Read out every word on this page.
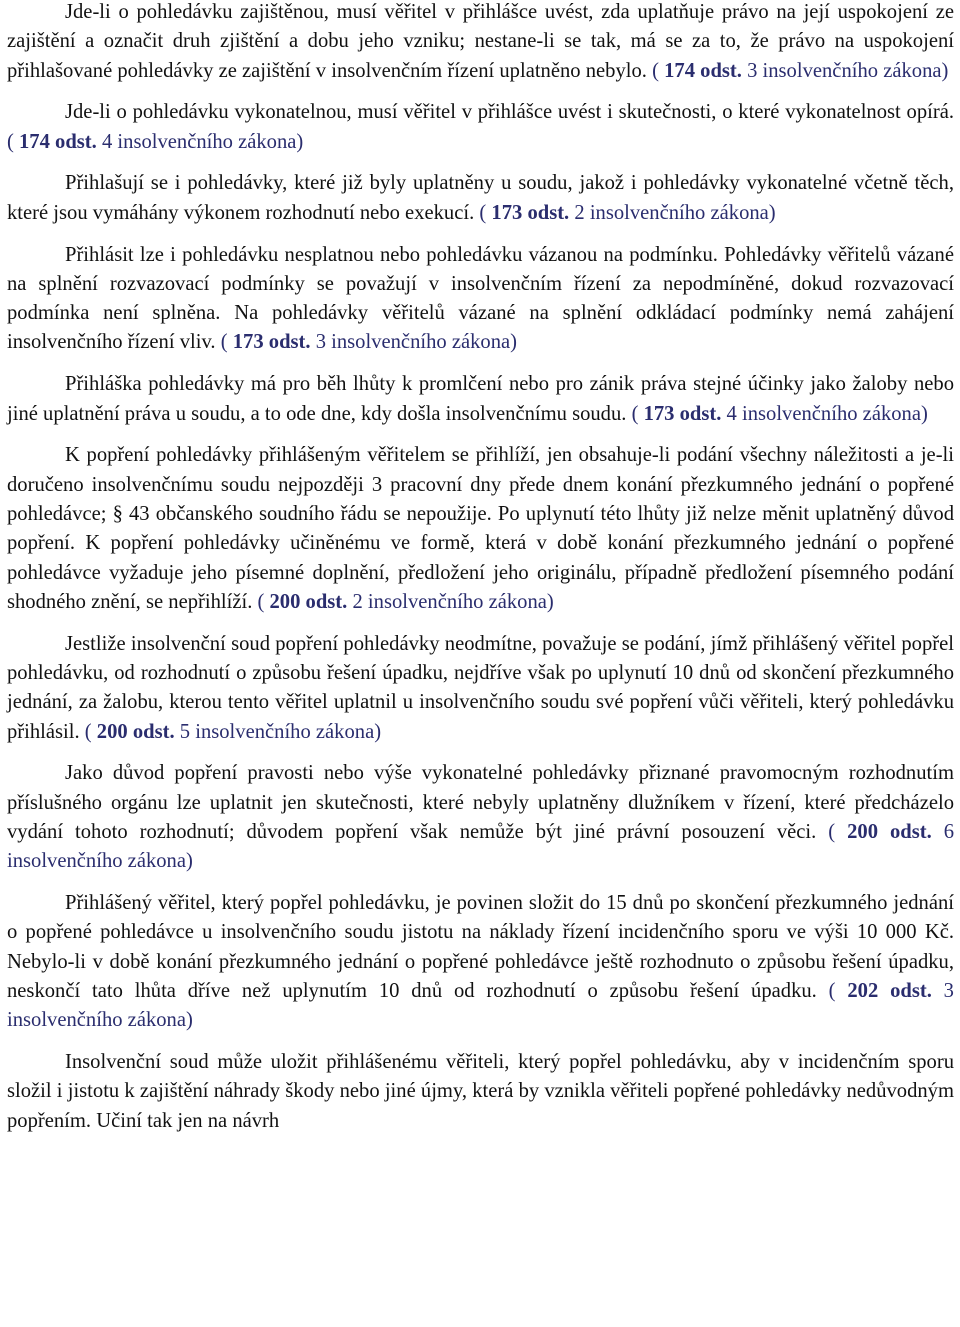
Jde-li o pohledávku zajištěnou, musí věřitel v přihlášce uvést, zda uplatňuje právo na její uspokojení ze zajištění a označit druh zjištění a dobu jeho vzniku; nestane-li se tak, má se za to, že právo na uspokojení přihlašované pohledávky ze zajištění v insolvenčním řízení uplatněno nebylo. ( 174 odst. 3 insolvenčního zákona)

Jde-li o pohledávku vykonatelnou, musí věřitel v přihlášce uvést i skutečnosti, o které vykonatelnost opírá. ( 174 odst. 4 insolvenčního zákona)

Přihlašují se i pohledávky, které již byly uplatněny u soudu, jakož i pohledávky vykonatelné včetně těch, které jsou vymáhány výkonem rozhodnutí nebo exekucí. ( 173 odst. 2 insolvenčního zákona)

Přihlásit lze i pohledávku nesplatnou nebo pohledávku vázanou na podmínku. Pohledávky věřitelů vázané na splnění rozvazovací podmínky se považují v insolvenčním řízení za nepodmíněné, dokud rozvazovací podmínka není splněna. Na pohledávky věřitelů vázané na splnění odkládací podmínky nemá zahájení insolvenčního řízení vliv. ( 173 odst. 3 insolvenčního zákona)

Přihláška pohledávky má pro běh lhůty k promlčení nebo pro zánik práva stejné účinky jako žaloby nebo jiné uplatnění práva u soudu, a to ode dne, kdy došla insolvenčnímu soudu. ( 173 odst. 4 insolvenčního zákona)

K popření pohledávky přihlášeným věřitelem se přihlíží, jen obsahuje-li podání všechny náležitosti a je-li doručeno insolvenčnímu soudu nejpozději 3 pracovní dny přede dnem konání přezkumného jednání o popřené pohledávce; § 43 občanského soudního řádu se nepoužije. Po uplynutí této lhůty již nelze měnit uplatněný důvod popření. K popření pohledávky učiněnému ve formě, která v době konání přezkumného jednání o popřené pohledávce vyžaduje jeho písemné doplnění, předložení jeho originálu, případně předložení písemného podání shodného znění, se nepřihlíží. ( 200 odst. 2 insolvenčního zákona)

Jestliže insolvenční soud popření pohledávky neodmítne, považuje se podání, jímž přihlášený věřitel popřel pohledávku, od rozhodnutí o způsobu řešení úpadku, nejdříve však po uplynutí 10 dnů od skončení přezkumného jednání, za žalobu, kterou tento věřitel uplatnil u insolvenčního soudu své popření vůči věřiteli, který pohledávku přihlásil. ( 200 odst. 5 insolvenčního zákona)

Jako důvod popření pravosti nebo výše vykonatelné pohledávky přiznané pravomocným rozhodnutím příslušného orgánu lze uplatnit jen skutečnosti, které nebyly uplatněny dlužníkem v řízení, které předcházelo vydání tohoto rozhodnutí; důvodem popření však nemůže být jiné právní posouzení věci. ( 200 odst. 6 insolvenčního zákona)

Přihlášený věřitel, který popřel pohledávku, je povinen složit do 15 dnů po skončení přezkumného jednání o popřené pohledávce u insolvenčního soudu jistotu na náklady řízení incidenčního sporu ve výši 10 000 Kč. Nebylo-li v době konání přezkumného jednání o popřené pohledávce ještě rozhodnuto o způsobu řešení úpadku, neskončí tato lhůta dříve než uplynutím 10 dnů od rozhodnutí o způsobu řešení úpadku. ( 202 odst. 3 insolvenčního zákona)

Insolvenční soud může uložit přihlášenému věřiteli, který popřel pohledávku, aby v incidenčním sporu složil i jistotu k zajištění náhrady škody nebo jiné újmy, která by vznikla věřiteli popřené pohledávky nedůvodným popřením. Učiní tak jen na návrh
